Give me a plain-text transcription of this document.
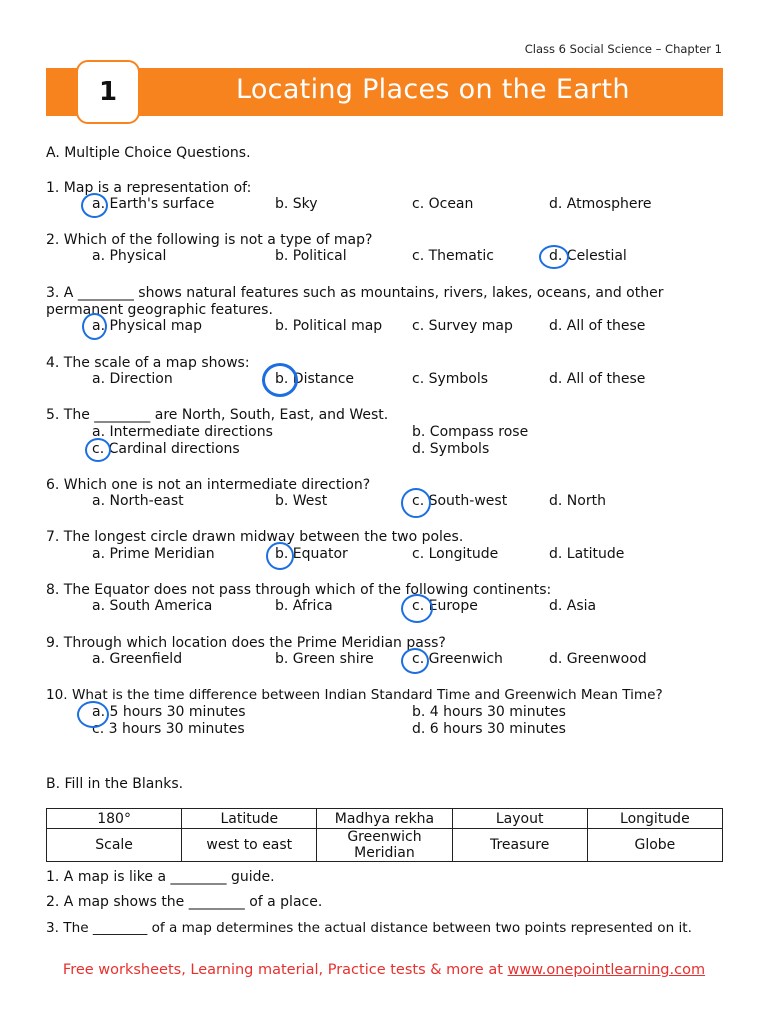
Class 6 Social Science – Chapter 1
1	Locating Places on the Earth
A. Multiple Choice Questions.
1. Map is a representation of:
a. Earth's surface	b. Sky	c. Ocean	d. Atmosphere
2. Which of the following is not a type of map?
a. Physical	b. Political	c. Thematic	d. Celestial
3. A ________ shows natural features such as mountains, rivers, lakes, oceans, and other
permanent geographic features.
a. Physical map	b. Political map c. Survey map	d. All of these
4. The scale of a map shows:
a. Direction	b. Distance	c. Symbols	d. All of these
5. The ________ are North, South, East, and West.
a. Intermediate directions	b. Compass rose
c. Cardinal directions	d. Symbols
6. Which one is not an intermediate direction?
a. North-east	b. West	c. South-west	d. North
7. The longest circle drawn midway between the two poles.
a. Prime Meridian	b. Equator	c. Longitude	d. Latitude
8. The Equator does not pass through which of the following continents:
a. South America	b. Africa	c. Europe	d. Asia
9. Through which location does the Prime Meridian pass?
a. Greenfield	b. Green shire	c. Greenwich	d. Greenwood
10. What is the time difference between Indian Standard Time and Greenwich Mean Time?
a. 5 hours 30 minutes	b. 4 hours 30 minutes
c. 3 hours 30 minutes	d. 6 hours 30 minutes
B. Fill in the Blanks.
180°	Latitude	Madhya rekha	Layout	Longitude
Scale	west to east	Greenwich Meridian	Treasure	Globe
1. A map is like a ________ guide.
2. A map shows the ________ of a place.
3. The ________ of a map determines the actual distance between two points represented on it.
Free worksheets, Learning material, Practice tests & more at www.onepointlearning.com
